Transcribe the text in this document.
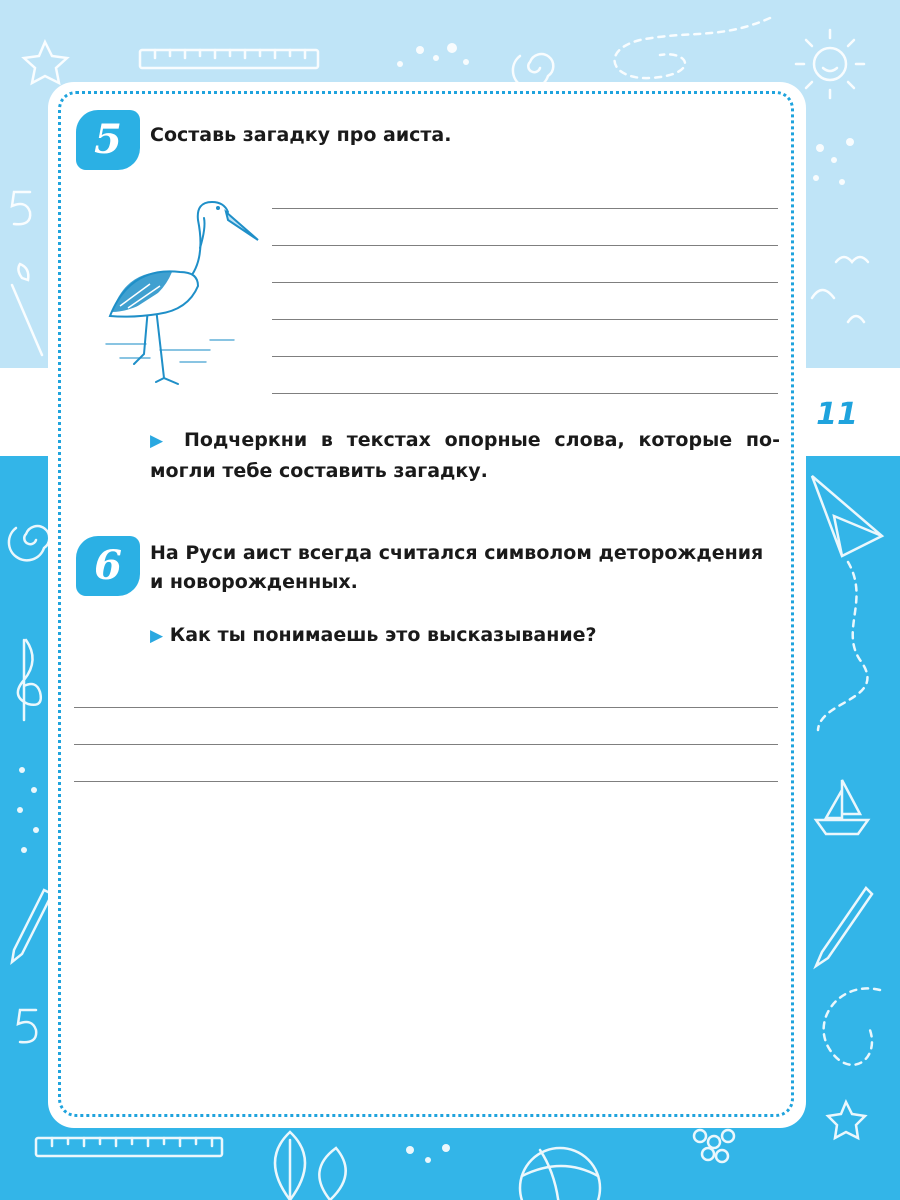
11
5	Составь загадку про аиста.

▶ Подчеркни в текстах опорные слова, которые по-

могли тебе составить загадку.

6	На Руси аист всегда считался символом деторождения

и новорожденных.

▶ Как ты понимаешь это высказывание?
